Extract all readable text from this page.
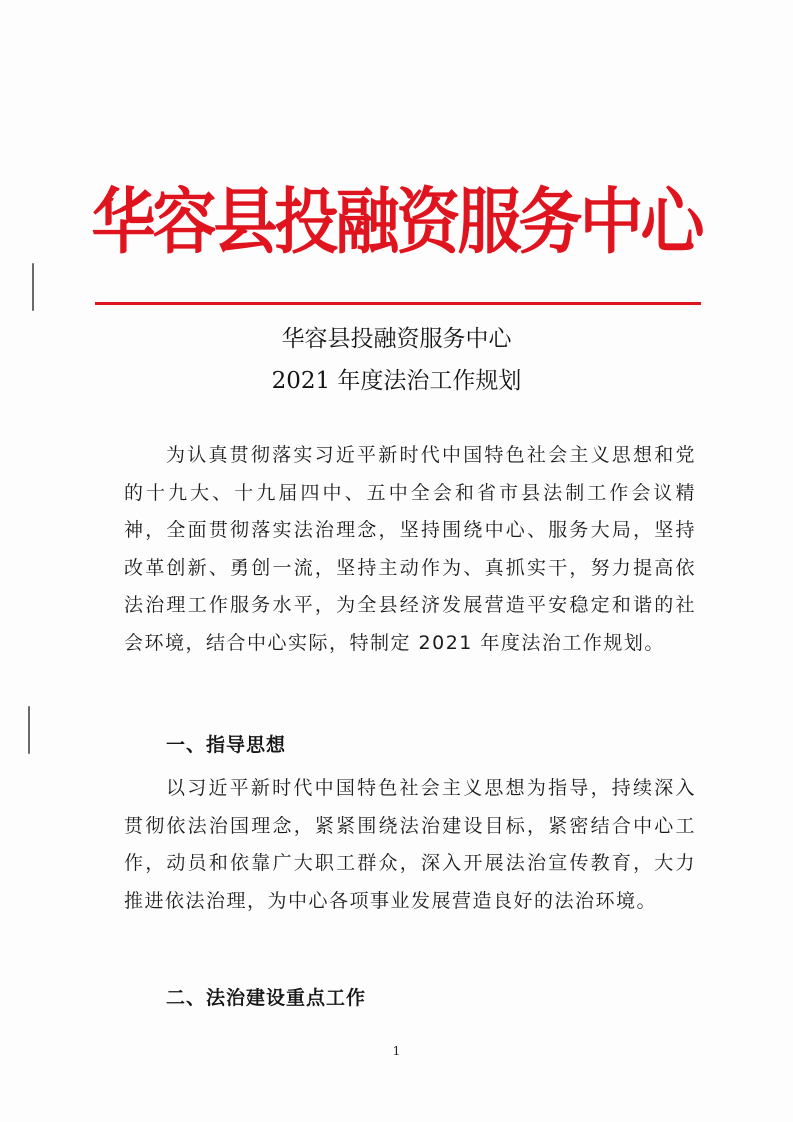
华容县投融资服务中心
华容县投融资服务中心
2021 年度法治工作规划

为认真贯彻落实习近平新时代中国特色社会主义思想和党的十九大、十九届四中、五中全会和省市县法制工作会议精神，全面贯彻落实法治理念，坚持围绕中心、服务大局，坚持改革创新、勇创一流，坚持主动作为、真抓实干，努力提高依法治理工作服务水平，为全县经济发展营造平安稳定和谐的社会环境，结合中心实际，特制定 2021 年度法治工作规划。

一、指导思想

以习近平新时代中国特色社会主义思想为指导，持续深入贯彻依法治国理念，紧紧围绕法治建设目标，紧密结合中心工作，动员和依靠广大职工群众，深入开展法治宣传教育，大力推进依法治理，为中心各项事业发展营造良好的法治环境。

二、法治建设重点工作
1
